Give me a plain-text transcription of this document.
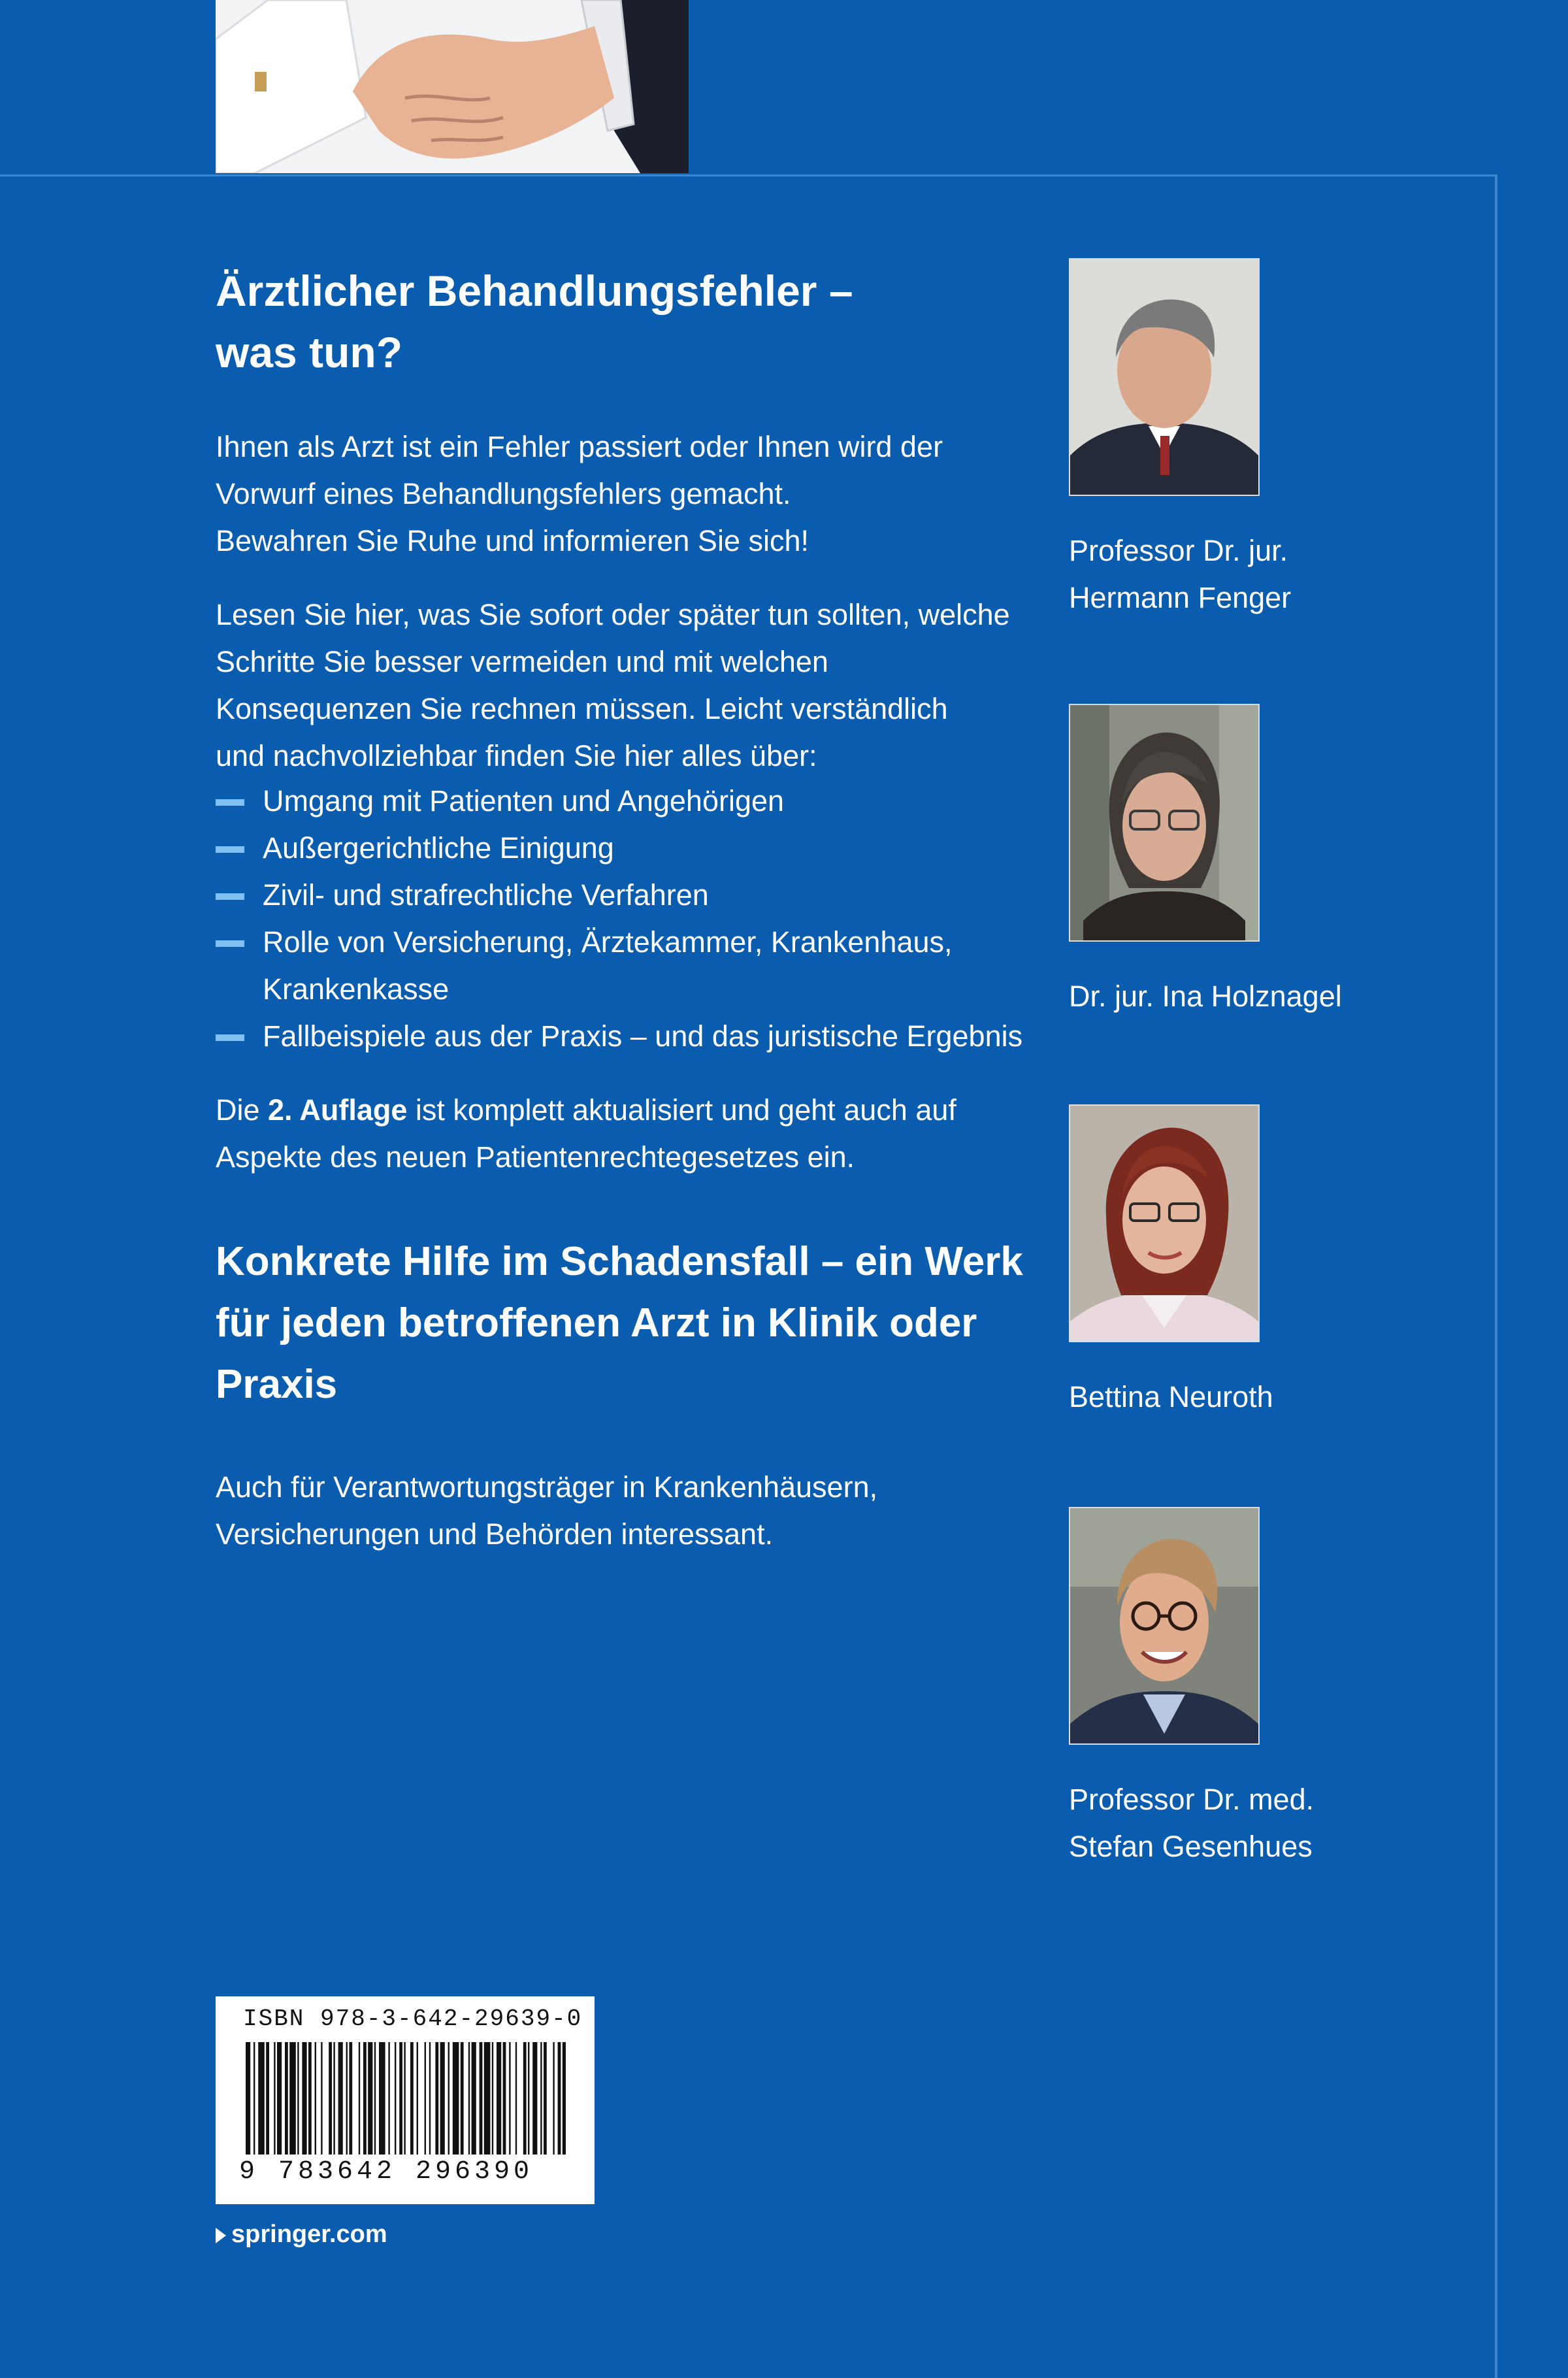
Ärztlicher Behandlungsfehler –
was tun?
Ihnen als Arzt ist ein Fehler passiert oder Ihnen wird der
Vorwurf eines Behandlungsfehlers gemacht.
Bewahren Sie Ruhe und informieren Sie sich!
Lesen Sie hier, was Sie sofort oder später tun sollten, welche
Schritte Sie besser vermeiden und mit welchen
Konsequenzen Sie rechnen müssen. Leicht verständlich
und nachvollziehbar finden Sie hier alles über:
Umgang mit Patienten und Angehörigen
Außergerichtliche Einigung
Zivil- und strafrechtliche Verfahren
Rolle von Versicherung, Ärztekammer, Krankenhaus,
Krankenkasse
Fallbeispiele aus der Praxis – und das juristische Ergebnis
Die 2. Auflage ist komplett aktualisiert und geht auch auf
Aspekte des neuen Patientenrechtegesetzes ein.
Konkrete Hilfe im Schadensfall – ein Werk
für jeden betroffenen Arzt in Klinik oder
Praxis
Auch für Verantwortungsträger in Krankenhäusern,
Versicherungen und Behörden interessant.
Professor Dr. jur.
Hermann Fenger
Dr. jur. Ina Holznagel
Bettina Neuroth
Professor Dr. med.
Stefan Gesenhues
ISBN 978-3-642-29639-0
9 783642 296390
springer.com
